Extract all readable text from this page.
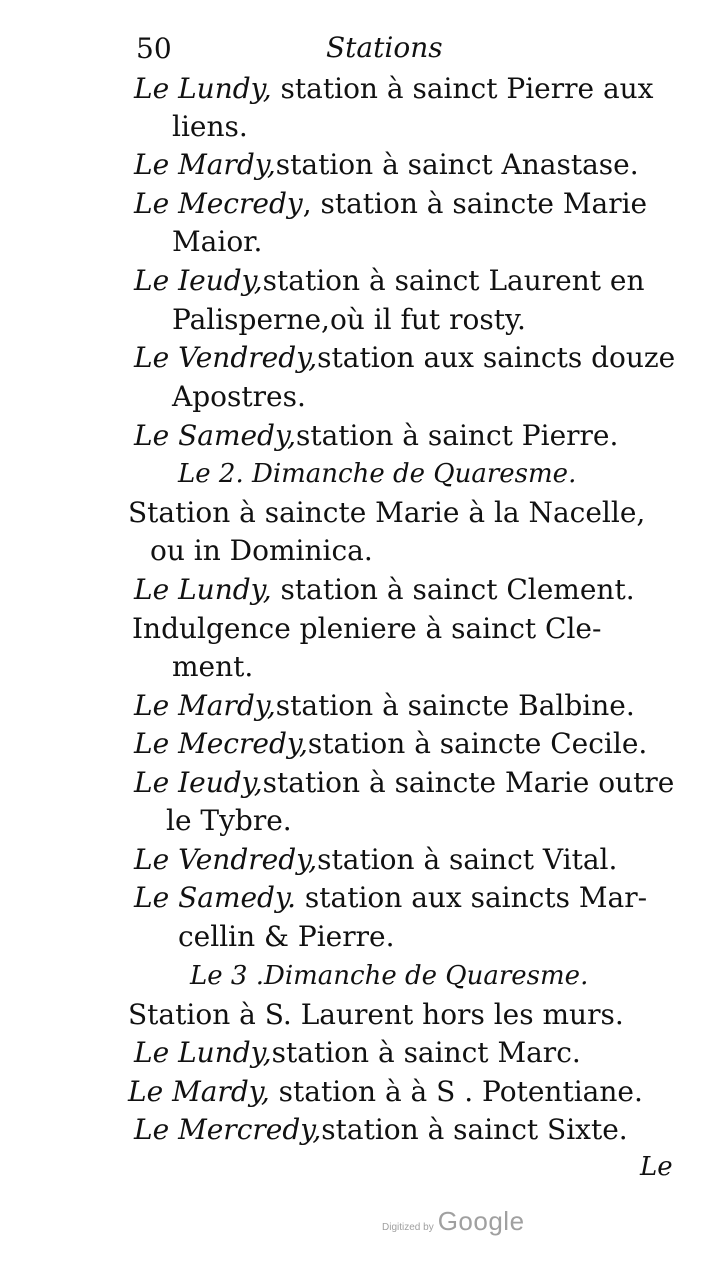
50	Stations
Le Lundy, station à sainct Pierre aux
liens.
Le Mardy,station à sainct Anastase.
Le Mecredy, station à saincte Marie
Maior.
Le Ieudy,station à sainct Laurent en
Palisperne,où il fut rosty.
Le Vendredy,station aux saincts douze
Apostres.
Le Samedy,station à sainct Pierre.
Le 2. Dimanche de Quaresme.
Station à saincte Marie à la Nacelle,
ou in Dominica.
Le Lundy, station à sainct Clement.
Indulgence pleniere à sainct Cle-
ment.
Le Mardy,station à saincte Balbine.
Le Mecredy,station à saincte Cecile.
Le Ieudy,station à saincte Marie outre
le Tybre.
Le Vendredy,station à sainct Vital.
Le Samedy. station aux saincts Mar-
cellin & Pierre.
Le 3 .Dimanche de Quaresme.
Station à S. Laurent hors les murs.
Le Lundy,station à sainct Marc.
Le Mardy, station à à S . Potentiane.
Le Mercredy,station à sainct Sixte.
Le
Digitized by Google
